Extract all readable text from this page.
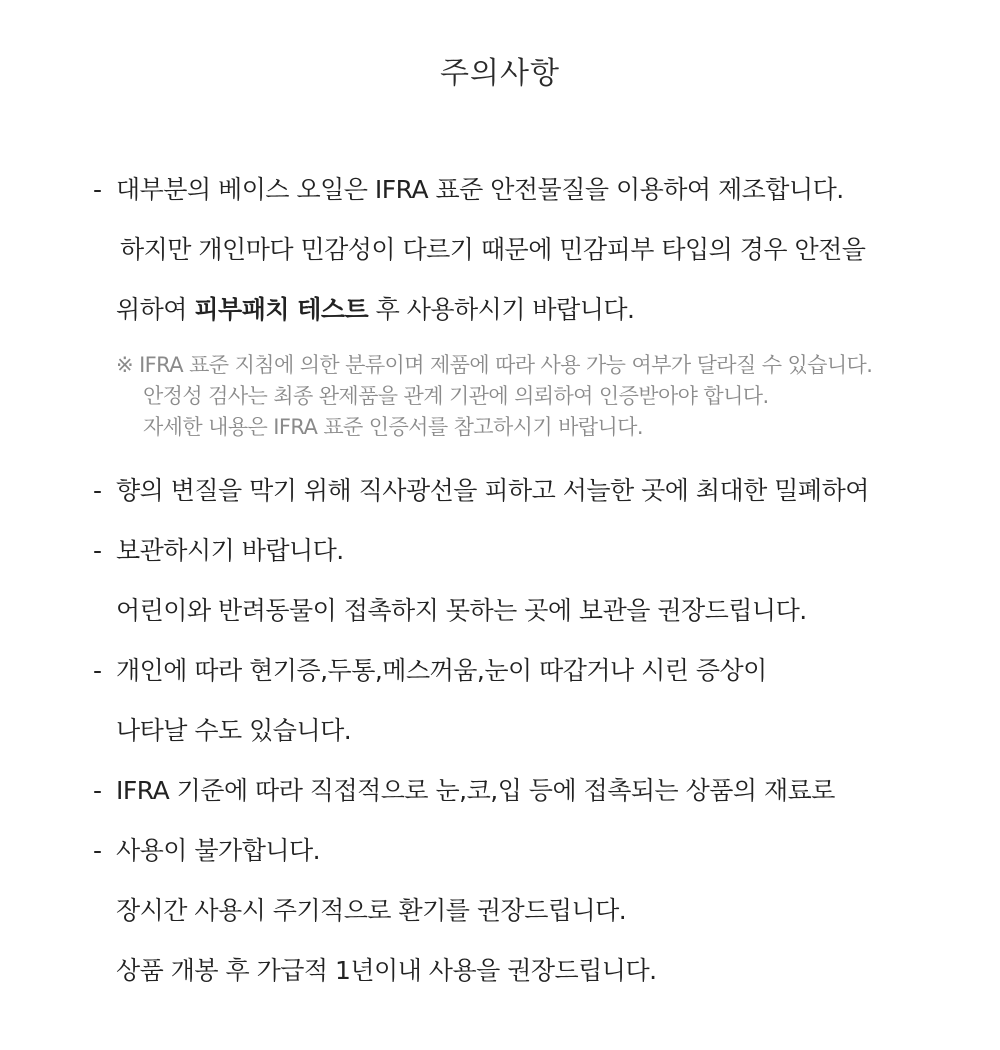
주의사항
- 대부분의 베이스 오일은 IFRA 표준 안전물질을 이용하여 제조합니다.
하지만 개인마다 민감성이 다르기 때문에 민감피부 타입의 경우 안전을
위하여 피부패치 테스트 후 사용하시기 바랍니다.
※ IFRA 표준 지침에 의한 분류이며 제품에 따라 사용 가능 여부가 달라질 수 있습니다.
안정성 검사는 최종 완제품을 관계 기관에 의뢰하여 인증받아야 합니다.
자세한 내용은 IFRA 표준 인증서를 참고하시기 바랍니다.
- 향의 변질을 막기 위해 직사광선을 피하고 서늘한 곳에 최대한 밀폐하여
- 보관하시기 바랍니다.
어린이와 반려동물이 접촉하지 못하는 곳에 보관을 권장드립니다.
- 개인에 따라 현기증,두통,메스꺼움,눈이 따갑거나 시린 증상이
나타날 수도 있습니다.
- IFRA 기준에 따라 직접적으로 눈,코,입 등에 접촉되는 상품의 재료로
- 사용이 불가합니다.
장시간 사용시 주기적으로 환기를 권장드립니다.
상품 개봉 후 가급적 1년이내 사용을 권장드립니다.
